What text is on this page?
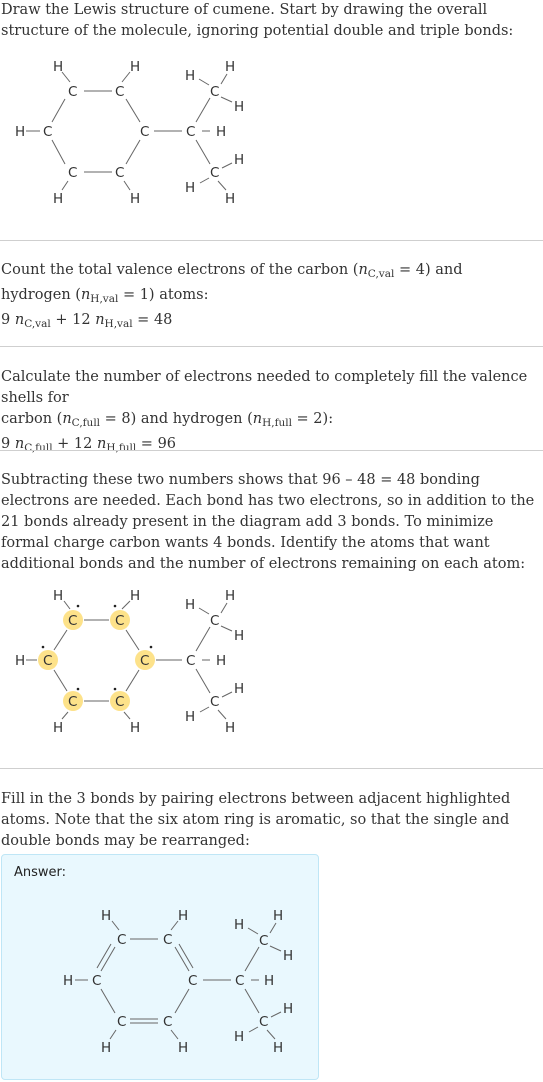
Draw the Lewis structure of cumene. Start by drawing the overall structure of the molecule, ignoring potential double and triple bonds:

C	C
C	C
C	C
C
C
C
H	H
H
H	H
H
H
H
H
H
H
H

Count the total valence electrons of the carbon $(n_{C,val} = 4)$ and
hydrogen $(n_{H,val} = 1)$ atoms:

9 $n_{C,val} + 12$ $n_{H,val} = 48$

Calculate the number of electrons needed to completely fill the valence shells for
carbon $(n_{C,full} = 8)$ and hydrogen $(n_{H,full} = 2)$:

9 $n_{C,full} + 12$ $n_{H,full} = 96$

Subtracting these two numbers shows that 96 – 48 = 48 bonding electrons are needed. Each bond has two electrons, so in addition to the 21 bonds already present in the diagram add 3 bonds. To minimize formal charge carbon wants 4 bonds. Identify the atoms that want additional bonds and the number of electrons remaining on each atom:

C	C
C	C
C	C
C
C
C
H	H
H
H	H
H
H
H
H
H
H
H

Fill in the 3 bonds by pairing electrons between adjacent highlighted atoms. Note that the six atom ring is aromatic, so that the single and double bonds may be rearranged:

Answer:
C	C
C	C
C	C
C
C
C
H	H
H
H	H
H
H
H
H
H
H
H
